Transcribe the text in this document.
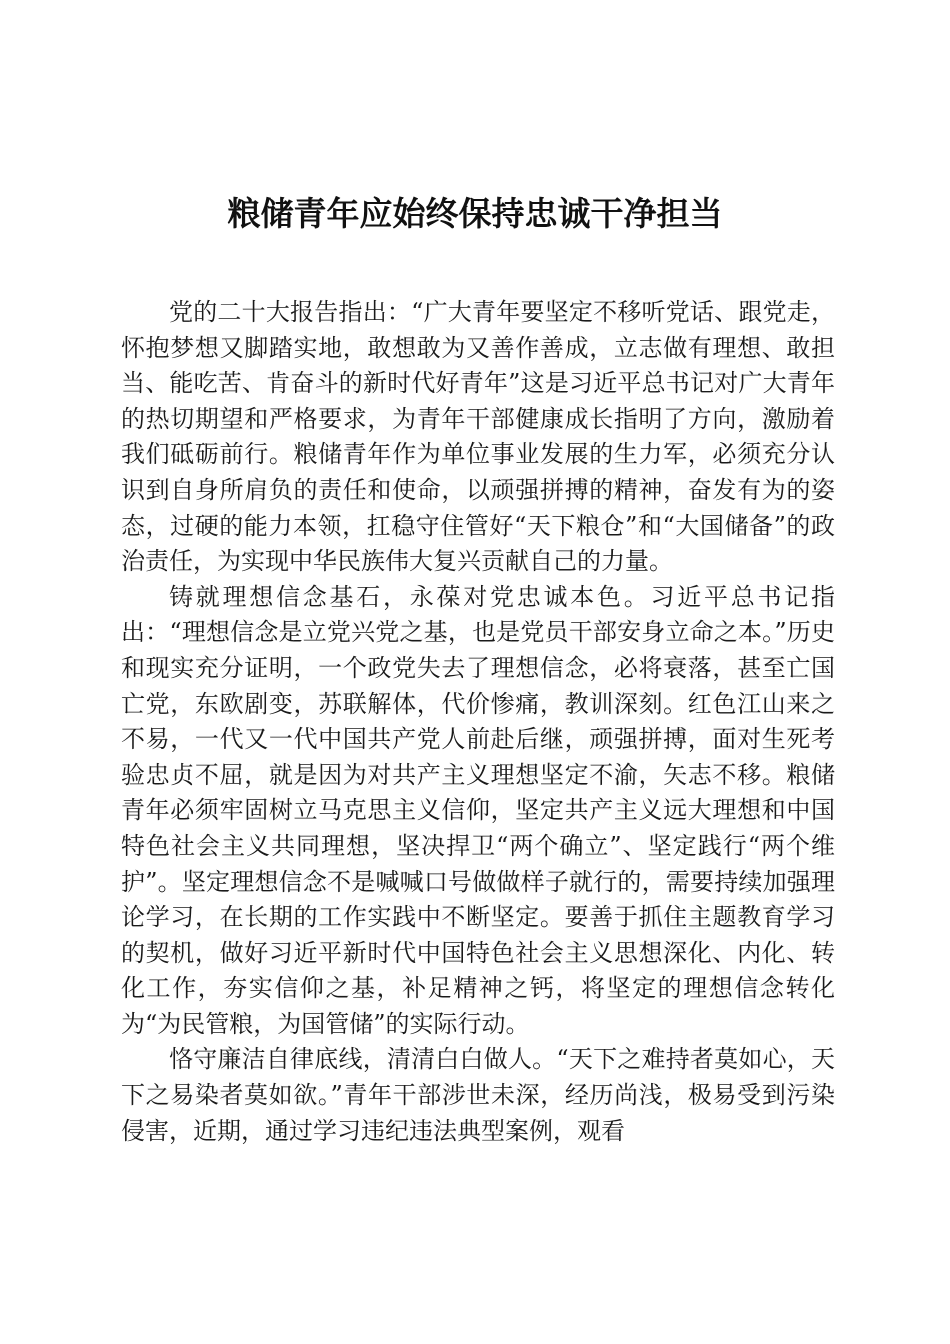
粮储青年应始终保持忠诚干净担当

党的二十大报告指出：“广大青年要坚定不移听党话、跟党走，怀抱梦想又脚踏实地，敢想敢为又善作善成，立志做有理想、敢担当、能吃苦、肯奋斗的新时代好青年”这是习近平总书记对广大青年的热切期望和严格要求，为青年干部健康成长指明了方向，激励着我们砥砺前行。粮储青年作为单位事业发展的生力军，必须充分认识到自身所肩负的责任和使命，以顽强拼搏的精神，奋发有为的姿态，过硬的能力本领，扛稳守住管好“天下粮仓”和“大国储备”的政治责任，为实现中华民族伟大复兴贡献自己的力量。

铸就理想信念基石，永葆对党忠诚本色。习近平总书记指出：“理想信念是立党兴党之基，也是党员干部安身立命之本。”历史和现实充分证明，一个政党失去了理想信念，必将衰落，甚至亡国亡党，东欧剧变，苏联解体，代价惨痛，教训深刻。红色江山来之不易，一代又一代中国共产党人前赴后继，顽强拼搏，面对生死考验忠贞不屈，就是因为对共产主义理想坚定不渝，矢志不移。粮储青年必须牢固树立马克思主义信仰，坚定共产主义远大理想和中国特色社会主义共同理想，坚决捍卫“两个确立”、坚定践行“两个维护”。坚定理想信念不是喊喊口号做做样子就行的，需要持续加强理论学习，在长期的工作实践中不断坚定。要善于抓住主题教育学习的契机，做好习近平新时代中国特色社会主义思想深化、内化、转化工作，夯实信仰之基，补足精神之钙，将坚定的理想信念转化为“为民管粮，为国管储”的实际行动。

恪守廉洁自律底线，清清白白做人。“天下之难持者莫如心，天下之易染者莫如欲。”青年干部涉世未深，经历尚浅，极易受到污染侵害，近期，通过学习违纪违法典型案例，观看
